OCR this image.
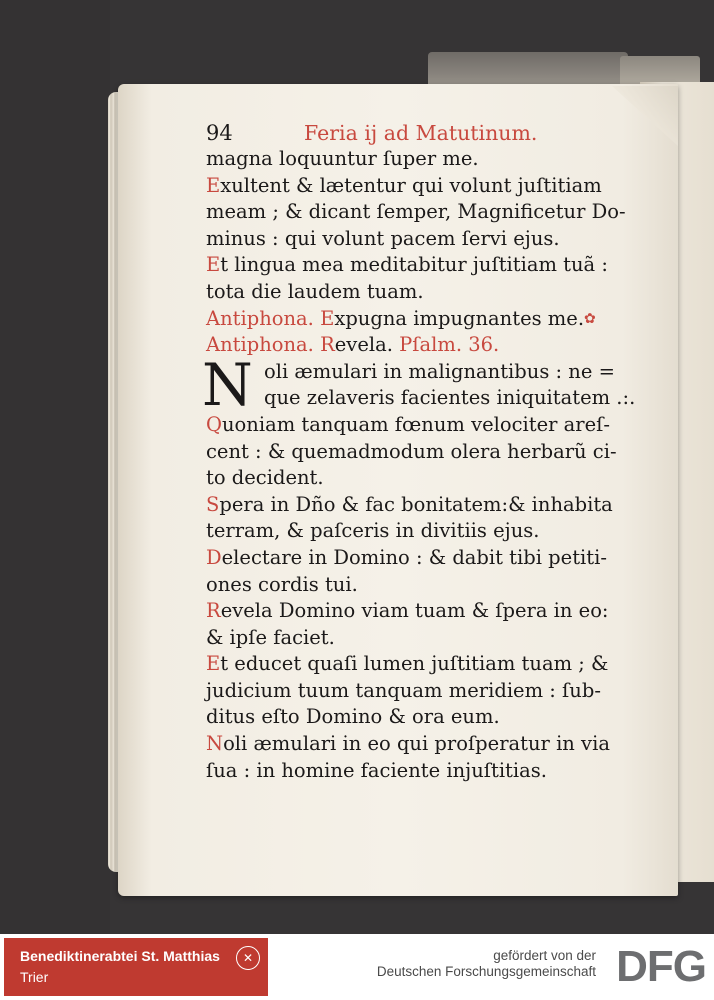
94	Feria ij ad Matutinum.
magna loquuntur ſuper me.
Exultent & lætentur qui volunt juſtitiam
meam ; & dicant ſemper, Magnificetur Do-
minus : qui volunt pacem ſervi ejus.
Et lingua mea meditabitur juſtitiam tuã :
tota die laudem tuam.
Antiphona. Expugna impugnantes me.✿
Antiphona. Revela. Pſalm. 36.
N oli æmulari in malignantibus : ne =
que zelaveris facientes iniquitatem .:.
Quoniam tanquam fœnum velociter areſ-
cent : & quemadmodum olera herbarũ ci-
to decident.
Spera in Dño & fac bonitatem:& inhabita
terram, & paſceris in divitiis ejus.
Delectare in Domino : & dabit tibi petiti-
ones cordis tui.
Revela Domino viam tuam & ſpera in eo:
& ipſe faciet.
Et educet quaſi lumen juſtitiam tuam ; &
judicium tuum tanquam meridiem : ſub-
ditus eſto Domino & ora eum.
Noli æmulari in eo qui proſperatur in via
ſua : in homine faciente injuſtitias.
Benediktinerabtei St. Matthias
Trier
✕	gefördert von der
Deutschen Forschungsgemeinschaft DFG
